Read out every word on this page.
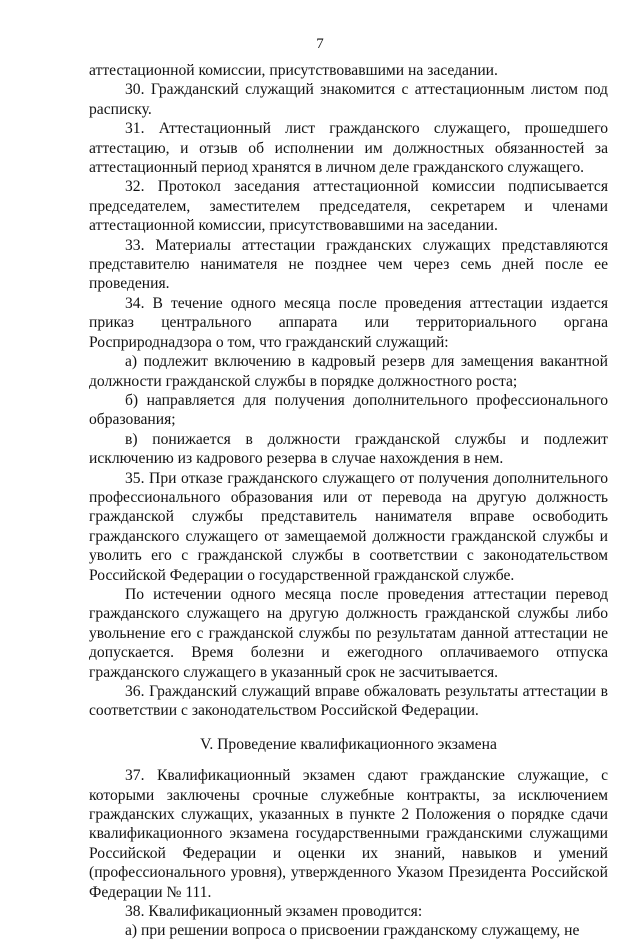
7

аттестационной комиссии, присутствовавшими на заседании.

30. Гражданский служащий знакомится с аттестационным листом под расписку.

31. Аттестационный лист гражданского служащего, прошедшего аттестацию, и отзыв об исполнении им должностных обязанностей за аттестационный период хранятся в личном деле гражданского служащего.

32. Протокол заседания аттестационной комиссии подписывается председателем, заместителем председателя, секретарем и членами аттестационной комиссии, присутствовавшими на заседании.

33. Материалы аттестации гражданских служащих представляются представителю нанимателя не позднее чем через семь дней после ее проведения.

34. В течение одного месяца после проведения аттестации издается приказ центрального аппарата или территориального органа Росприроднадзора о том, что гражданский служащий:

а) подлежит включению в кадровый резерв для замещения вакантной должности гражданской службы в порядке должностного роста;

б) направляется для получения дополнительного профессионального образования;

в) понижается в должности гражданской службы и подлежит исключению из кадрового резерва в случае нахождения в нем.

35. При отказе гражданского служащего от получения дополнительного профессионального образования или от перевода на другую должность гражданской службы представитель нанимателя вправе освободить гражданского служащего от замещаемой должности гражданской службы и уволить его с гражданской службы в соответствии с законодательством Российской Федерации о государственной гражданской службе.

По истечении одного месяца после проведения аттестации перевод гражданского служащего на другую должность гражданской службы либо увольнение его с гражданской службы по результатам данной аттестации не допускается. Время болезни и ежегодного оплачиваемого отпуска гражданского служащего в указанный срок не засчитывается.

36. Гражданский служащий вправе обжаловать результаты аттестации в соответствии с законодательством Российской Федерации.

V. Проведение квалификационного экзамена

37. Квалификационный экзамен сдают гражданские служащие, с которыми заключены срочные служебные контракты, за исключением гражданских служащих, указанных в пункте 2 Положения о порядке сдачи квалификационного экзамена государственными гражданскими служащими Российской Федерации и оценки их знаний, навыков и умений (профессионального уровня), утвержденного Указом Президента Российской Федерации № 111.

38. Квалификационный экзамен проводится:

а) при решении вопроса о присвоении гражданскому служащему, не
